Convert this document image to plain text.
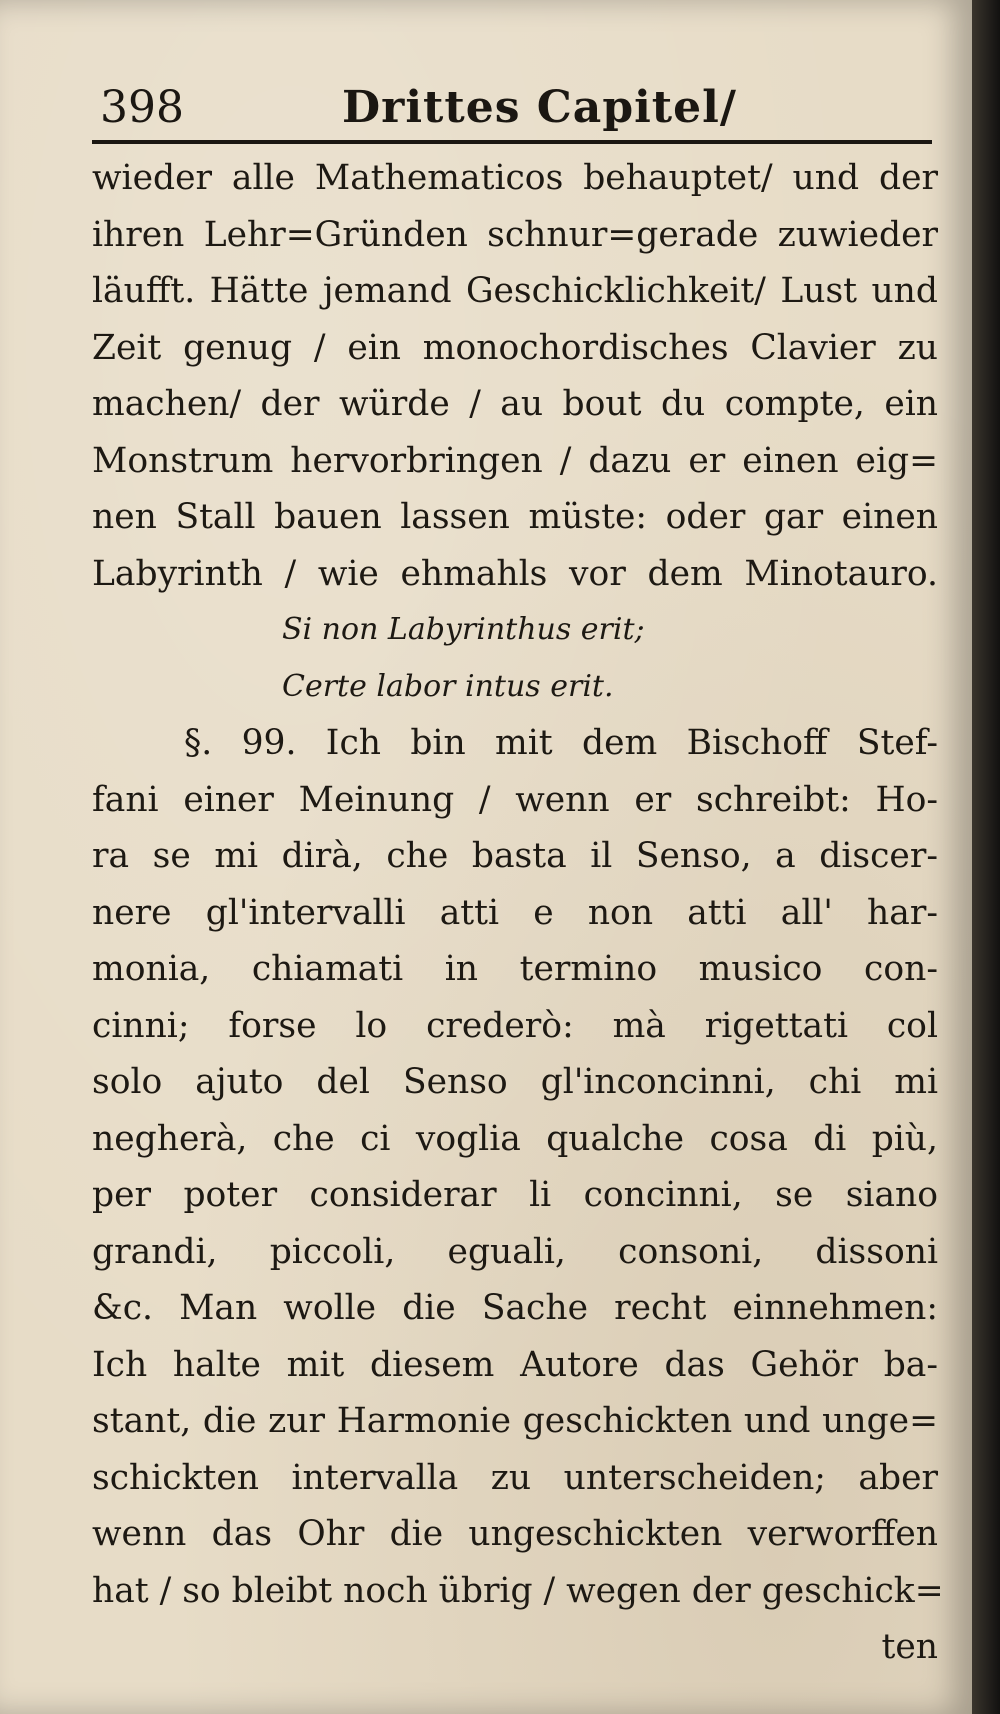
398	Drittes Capitel/
wieder alle Mathematicos behauptet/ und der
ihren Lehr=Gründen schnur=gerade zuwieder
läufft. Hätte jemand Geschicklichkeit/ Lust und
Zeit genug / ein monochordisches Clavier zu
machen/ der würde / au bout du compte, ein
Monstrum hervorbringen / dazu er einen eig=
nen Stall bauen lassen müste: oder gar einen
Labyrinth / wie ehmahls vor dem Minotauro.
Si non Labyrinthus erit;
Certe labor intus erit.
§. 99. Ich bin mit dem Bischoff Stef-
fani einer Meinung / wenn er schreibt: Ho-
ra se mi dirà, che basta il Senso, a discer-
nere gl'intervalli atti e non atti all' har-
monia, chiamati in termino musico con-
cinni; forse lo crederò: mà rigettati col
solo ajuto del Senso gl'inconcinni, chi mi
negherà, che ci voglia qualche cosa di più,
per poter considerar li concinni, se siano
grandi, piccoli, eguali, consoni, dissoni
&c. Man wolle die Sache recht einnehmen:
Ich halte mit diesem Autore das Gehör ba-
stant, die zur Harmonie geschickten und unge=
schickten intervalla zu unterscheiden; aber
wenn das Ohr die ungeschickten verworffen
hat / so bleibt noch übrig / wegen der geschick=
ten
